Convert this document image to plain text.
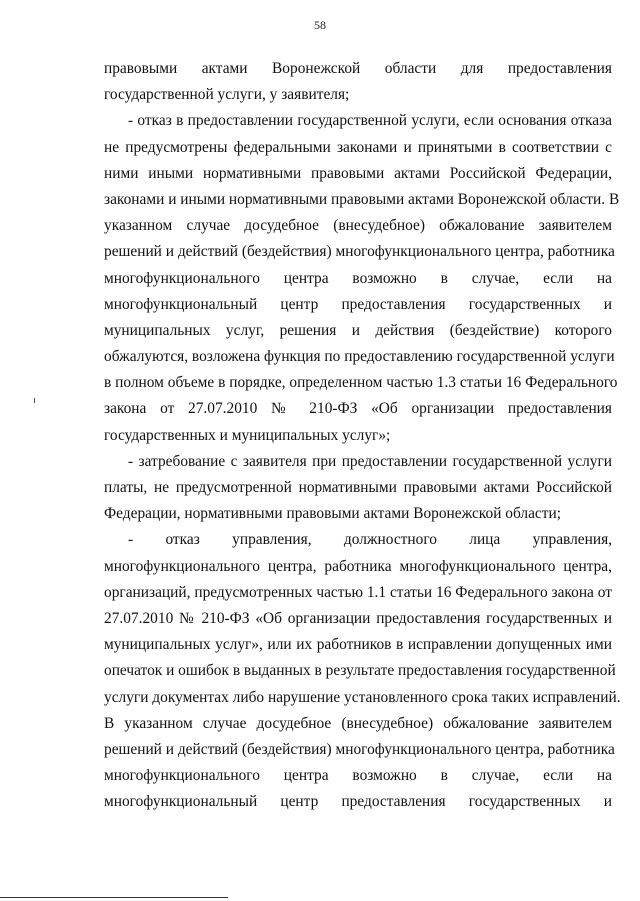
58
правовыми актами Воронежской области для предоставления
государственной услуги, у заявителя;
- отказ в предоставлении государственной услуги, если основания отказа
не предусмотрены федеральными законами и принятыми в соответствии с
ними иными нормативными правовыми актами Российской Федерации,
законами и иными нормативными правовыми актами Воронежской области. В
указанном случае досудебное (внесудебное) обжалование заявителем
решений и действий (бездействия) многофункционального центра, работника
многофункционального центра возможно в случае, если на
многофункциональный центр предоставления государственных и
муниципальных услуг, решения и действия (бездействие) которого
обжалуются, возложена функция по предоставлению государственной услуги
в полном объеме в порядке, определенном частью 1.3 статьи 16 Федерального
закона от 27.07.2010 № 210-ФЗ «Об организации предоставления
государственных и муниципальных услуг»;
- затребование с заявителя при предоставлении государственной услуги
платы, не предусмотренной нормативными правовыми актами Российской
Федерации, нормативными правовыми актами Воронежской области;
- отказ управления, должностного лица управления,
многофункционального центра, работника многофункционального центра,
организаций, предусмотренных частью 1.1 статьи 16 Федерального закона от
27.07.2010 № 210-ФЗ «Об организации предоставления государственных и
муниципальных услуг», или их работников в исправлении допущенных ими
опечаток и ошибок в выданных в результате предоставления государственной
услуги документах либо нарушение установленного срока таких исправлений.
В указанном случае досудебное (внесудебное) обжалование заявителем
решений и действий (бездействия) многофункционального центра, работника
многофункционального центра возможно в случае, если на
многофункциональный центр предоставления государственных и
